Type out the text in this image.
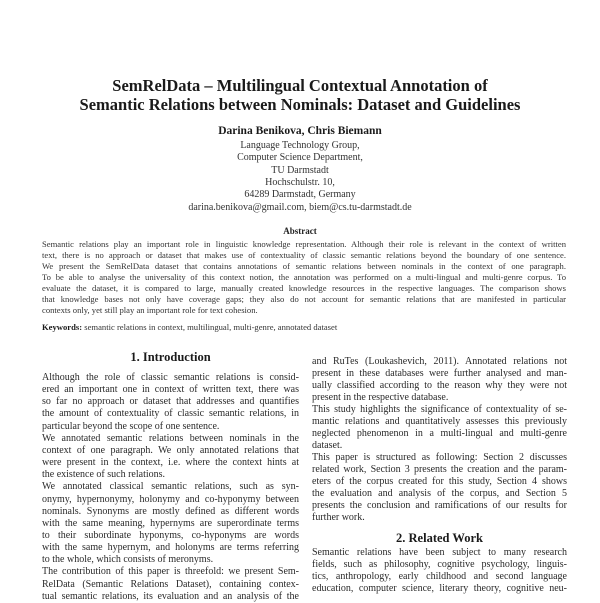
SemRelData – Multilingual Contextual Annotation of
Semantic Relations between Nominals: Dataset and Guidelines
Darina Benikova, Chris Biemann
Language Technology Group,
Computer Science Department,
TU Darmstadt
Hochschulstr. 10,
64289 Darmstadt, Germany
darina.benikova@gmail.com, biem@cs.tu-darmstadt.de
Abstract
Semantic relations play an important role in linguistic knowledge representation. Although their role is relevant in the context of written
text, there is no approach or dataset that makes use of contextuality of classic semantic relations beyond the boundary of one sentence.
We present the SemRelData dataset that contains annotations of semantic relations between nominals in the context of one paragraph.
To be able to analyse the universality of this context notion, the annotation was performed on a multi-lingual and multi-genre corpus. To
evaluate the dataset, it is compared to large, manually created knowledge resources in the respective languages. The comparison shows
that knowledge bases not only have coverage gaps; they also do not account for semantic relations that are manifested in particular
contexts only, yet still play an important role for text cohesion.
Keywords: semantic relations in context, multilingual, multi-genre, annotated dataset
1. Introduction
Although the role of classic semantic relations is consid-
ered an important one in context of written text, there was
so far no approach or dataset that addresses and quantifies
the amount of contextuality of classic semantic relations, in
particular beyond the scope of one sentence.
We annotated semantic relations between nominals in the
context of one paragraph. We only annotated relations that
were present in the context, i.e. where the context hints at
the existence of such relations.
We annotated classical semantic relations, such as syn-
onymy, hypernonymy, holonymy and co-hyponymy between
nominals. Synonyms are mostly defined as different words
with the same meaning, hypernyms are superordinate terms
to their subordinate hyponyms, co-hyponyms are words
with the same hypernym, and holonyms are terms referring
to the whole, which consists of meronyms.
The contribution of this paper is threefold: we present Sem-
RelData (Semantic Relations Dataset), containing contex-
tual semantic relations, its evaluation and an analysis of the
and RuTes (Loukashevich, 2011). Annotated relations not
present in these databases were further analysed and man-
ually classified according to the reason why they were not
present in the respective database.
This study highlights the significance of contextuality of se-
mantic relations and quantitatively assesses this previously
neglected phenomenon in a multi-lingual and multi-genre
dataset.
This paper is structured as following: Section 2 discusses
related work, Section 3 presents the creation and the param-
eters of the corpus created for this study, Section 4 shows
the evaluation and analysis of the corpus, and Section 5
presents the conclusion and ramifications of our results for
further work.
Semantic relations have been subject to many research
fields, such as philosophy, cognitive psychology, linguis-
tics, anthropology, early childhood and second language
education, computer science, literary theory, cognitive neu-
2. Related Work
